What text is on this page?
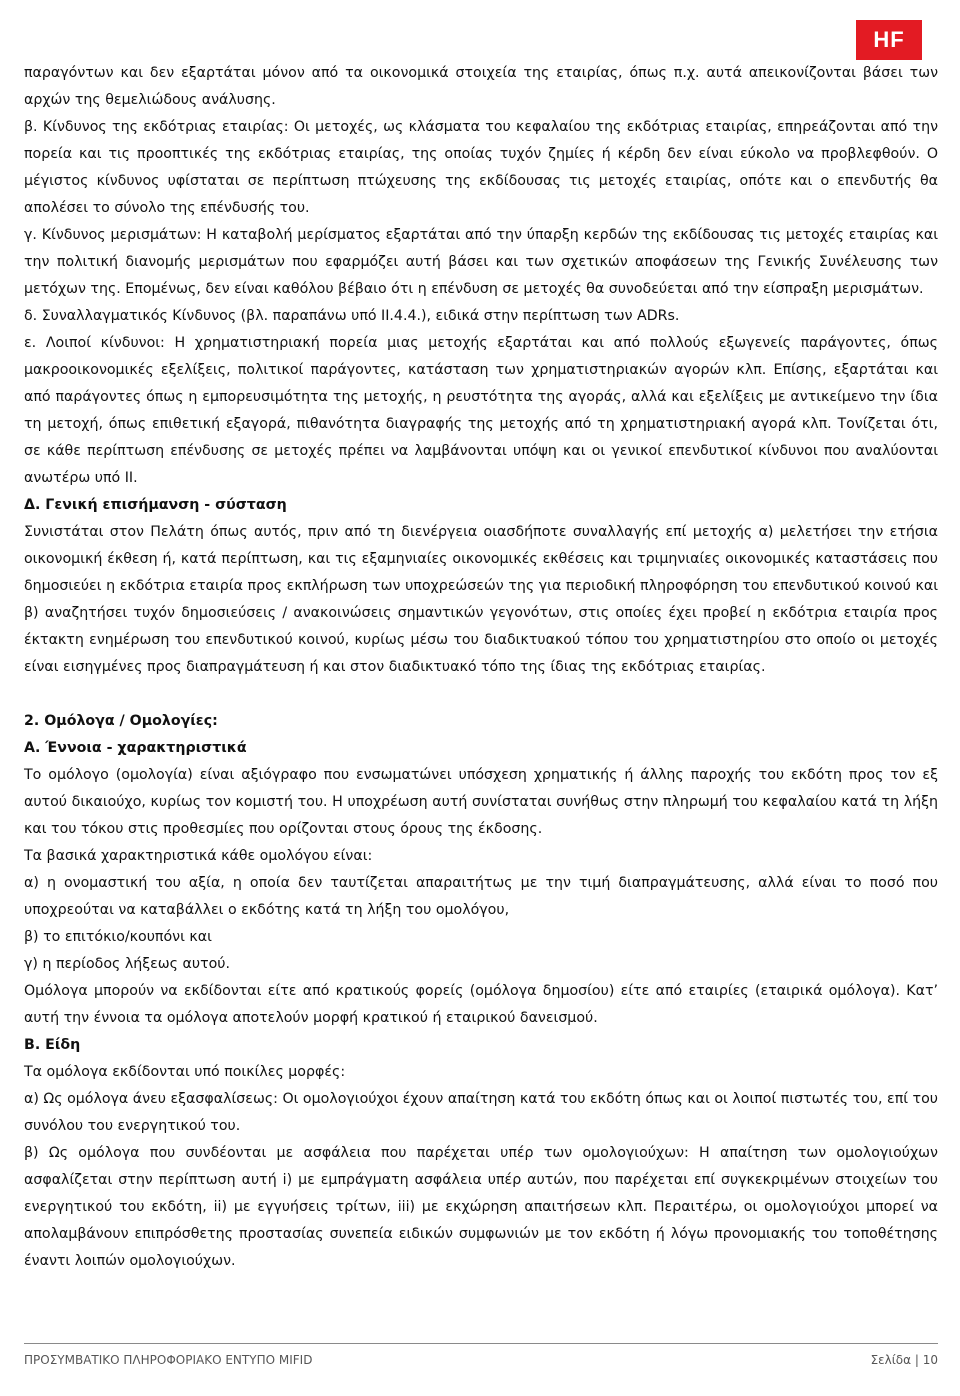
HF

παραγόντων και δεν εξαρτάται μόνον από τα οικονομικά στοιχεία της εταιρίας, όπως π.χ. αυτά απεικονίζονται βάσει των αρχών της θεμελιώδους ανάλυσης.

β. Κίνδυνος της εκδότριας εταιρίας: Οι μετοχές, ως κλάσματα του κεφαλαίου της εκδότριας εταιρίας, επηρεάζονται από την πορεία και τις προοπτικές της εκδότριας εταιρίας, της οποίας τυχόν ζημίες ή κέρδη δεν είναι εύκολο να προβλεφθούν. Ο μέγιστος κίνδυνος υφίσταται σε περίπτωση πτώχευσης της εκδίδουσας τις μετοχές εταιρίας, οπότε και ο επενδυτής θα απολέσει το σύνολο της επένδυσής του.

γ. Κίνδυνος μερισμάτων: Η καταβολή μερίσματος εξαρτάται από την ύπαρξη κερδών της εκδίδουσας τις μετοχές εταιρίας και την πολιτική διανομής μερισμάτων που εφαρμόζει αυτή βάσει και των σχετικών αποφάσεων της Γενικής Συνέλευσης των μετόχων της. Επομένως, δεν είναι καθόλου βέβαιο ότι η επένδυση σε μετοχές θα συνοδεύεται από την είσπραξη μερισμάτων.

δ. Συναλλαγματικός Κίνδυνος (βλ. παραπάνω υπό ΙΙ.4.4.), ειδικά στην περίπτωση των ADRs.

ε. Λοιποί κίνδυνοι: Η χρηματιστηριακή πορεία μιας μετοχής εξαρτάται και από πολλούς εξωγενείς παράγοντες, όπως μακροοικονομικές εξελίξεις, πολιτικοί παράγοντες, κατάσταση των χρηματιστηριακών αγορών κλπ. Επίσης, εξαρτάται και από παράγοντες όπως η εμπορευσιμότητα της μετοχής, η ρευστότητα της αγοράς, αλλά και εξελίξεις με αντικείμενο την ίδια τη μετοχή, όπως επιθετική εξαγορά, πιθανότητα διαγραφής της μετοχής από τη χρηματιστηριακή αγορά κλπ. Τονίζεται ότι, σε κάθε περίπτωση επένδυσης σε μετοχές πρέπει να λαμβάνονται υπόψη και οι γενικοί επενδυτικοί κίνδυνοι που αναλύονται ανωτέρω υπό ΙΙ.

Δ. Γενική επισήμανση - σύσταση

Συνιστάται στον Πελάτη όπως αυτός, πριν από τη διενέργεια οιασδήποτε συναλλαγής επί μετοχής α) μελετήσει την ετήσια οικονομική έκθεση ή, κατά περίπτωση, και τις εξαμηνιαίες οικονομικές εκθέσεις και τριμηνιαίες οικονομικές καταστάσεις που δημοσιεύει η εκδότρια εταιρία προς εκπλήρωση των υποχρεώσεών της για περιοδική πληροφόρηση του επενδυτικού κοινού και β) αναζητήσει τυχόν δημοσιεύσεις / ανακοινώσεις σημαντικών γεγονότων, στις οποίες έχει προβεί η εκδότρια εταιρία προς έκτακτη ενημέρωση του επενδυτικού κοινού, κυρίως μέσω του διαδικτυακού τόπου του χρηματιστηρίου στο οποίο οι μετοχές είναι εισηγμένες προς διαπραγμάτευση ή και στον διαδικτυακό τόπο της ίδιας της εκδότριας εταιρίας.

2. Ομόλογα / Ομολογίες:

Α. Έννοια - χαρακτηριστικά

Το ομόλογο (ομολογία) είναι αξιόγραφο που ενσωματώνει υπόσχεση χρηματικής ή άλλης παροχής του εκδότη προς τον εξ αυτού δικαιούχο, κυρίως τον κομιστή του. Η υποχρέωση αυτή συνίσταται συνήθως στην πληρωμή του κεφαλαίου κατά τη λήξη και του τόκου στις προθεσμίες που ορίζονται στους όρους της έκδοσης.

Τα βασικά χαρακτηριστικά κάθε ομολόγου είναι:

α) η ονομαστική του αξία, η οποία δεν ταυτίζεται απαραιτήτως με την τιμή διαπραγμάτευσης, αλλά είναι το ποσό που υποχρεούται να καταβάλλει ο εκδότης κατά τη λήξη του ομολόγου,

β) το επιτόκιο/κουπόνι και

γ) η περίοδος λήξεως αυτού.

Ομόλογα μπορούν να εκδίδονται είτε από κρατικούς φορείς (ομόλογα δημοσίου) είτε από εταιρίες (εταιρικά ομόλογα). Κατ’ αυτή την έννοια τα ομόλογα αποτελούν μορφή κρατικού ή εταιρικού δανεισμού.

Β. Είδη

Τα ομόλογα εκδίδονται υπό ποικίλες μορφές:

α) Ως ομόλογα άνευ εξασφαλίσεως: Οι ομολογιούχοι έχουν απαίτηση κατά του εκδότη όπως και οι λοιποί πιστωτές του, επί του συνόλου του ενεργητικού του.

β) Ως ομόλογα που συνδέονται με ασφάλεια που παρέχεται υπέρ των ομολογιούχων: Η απαίτηση των ομολογιούχων ασφαλίζεται στην περίπτωση αυτή i) με εμπράγματη ασφάλεια υπέρ αυτών, που παρέχεται επί συγκεκριμένων στοιχείων του ενεργητικού του εκδότη, ii) με εγγυήσεις τρίτων, iii) με εκχώρηση απαιτήσεων κλπ. Περαιτέρω, οι ομολογιούχοι μπορεί να απολαμβάνουν επιπρόσθετης προστασίας συνεπεία ειδικών συμφωνιών με τον εκδότη ή λόγω προνομιακής του τοποθέτησης έναντι λοιπών ομολογιούχων.

ΠΡΟΣΥΜΒΑΤΙΚΟ ΠΛΗΡΟΦΟΡΙΑΚΟ ΕΝΤΥΠΟ MIFID	Σελίδα | 10
